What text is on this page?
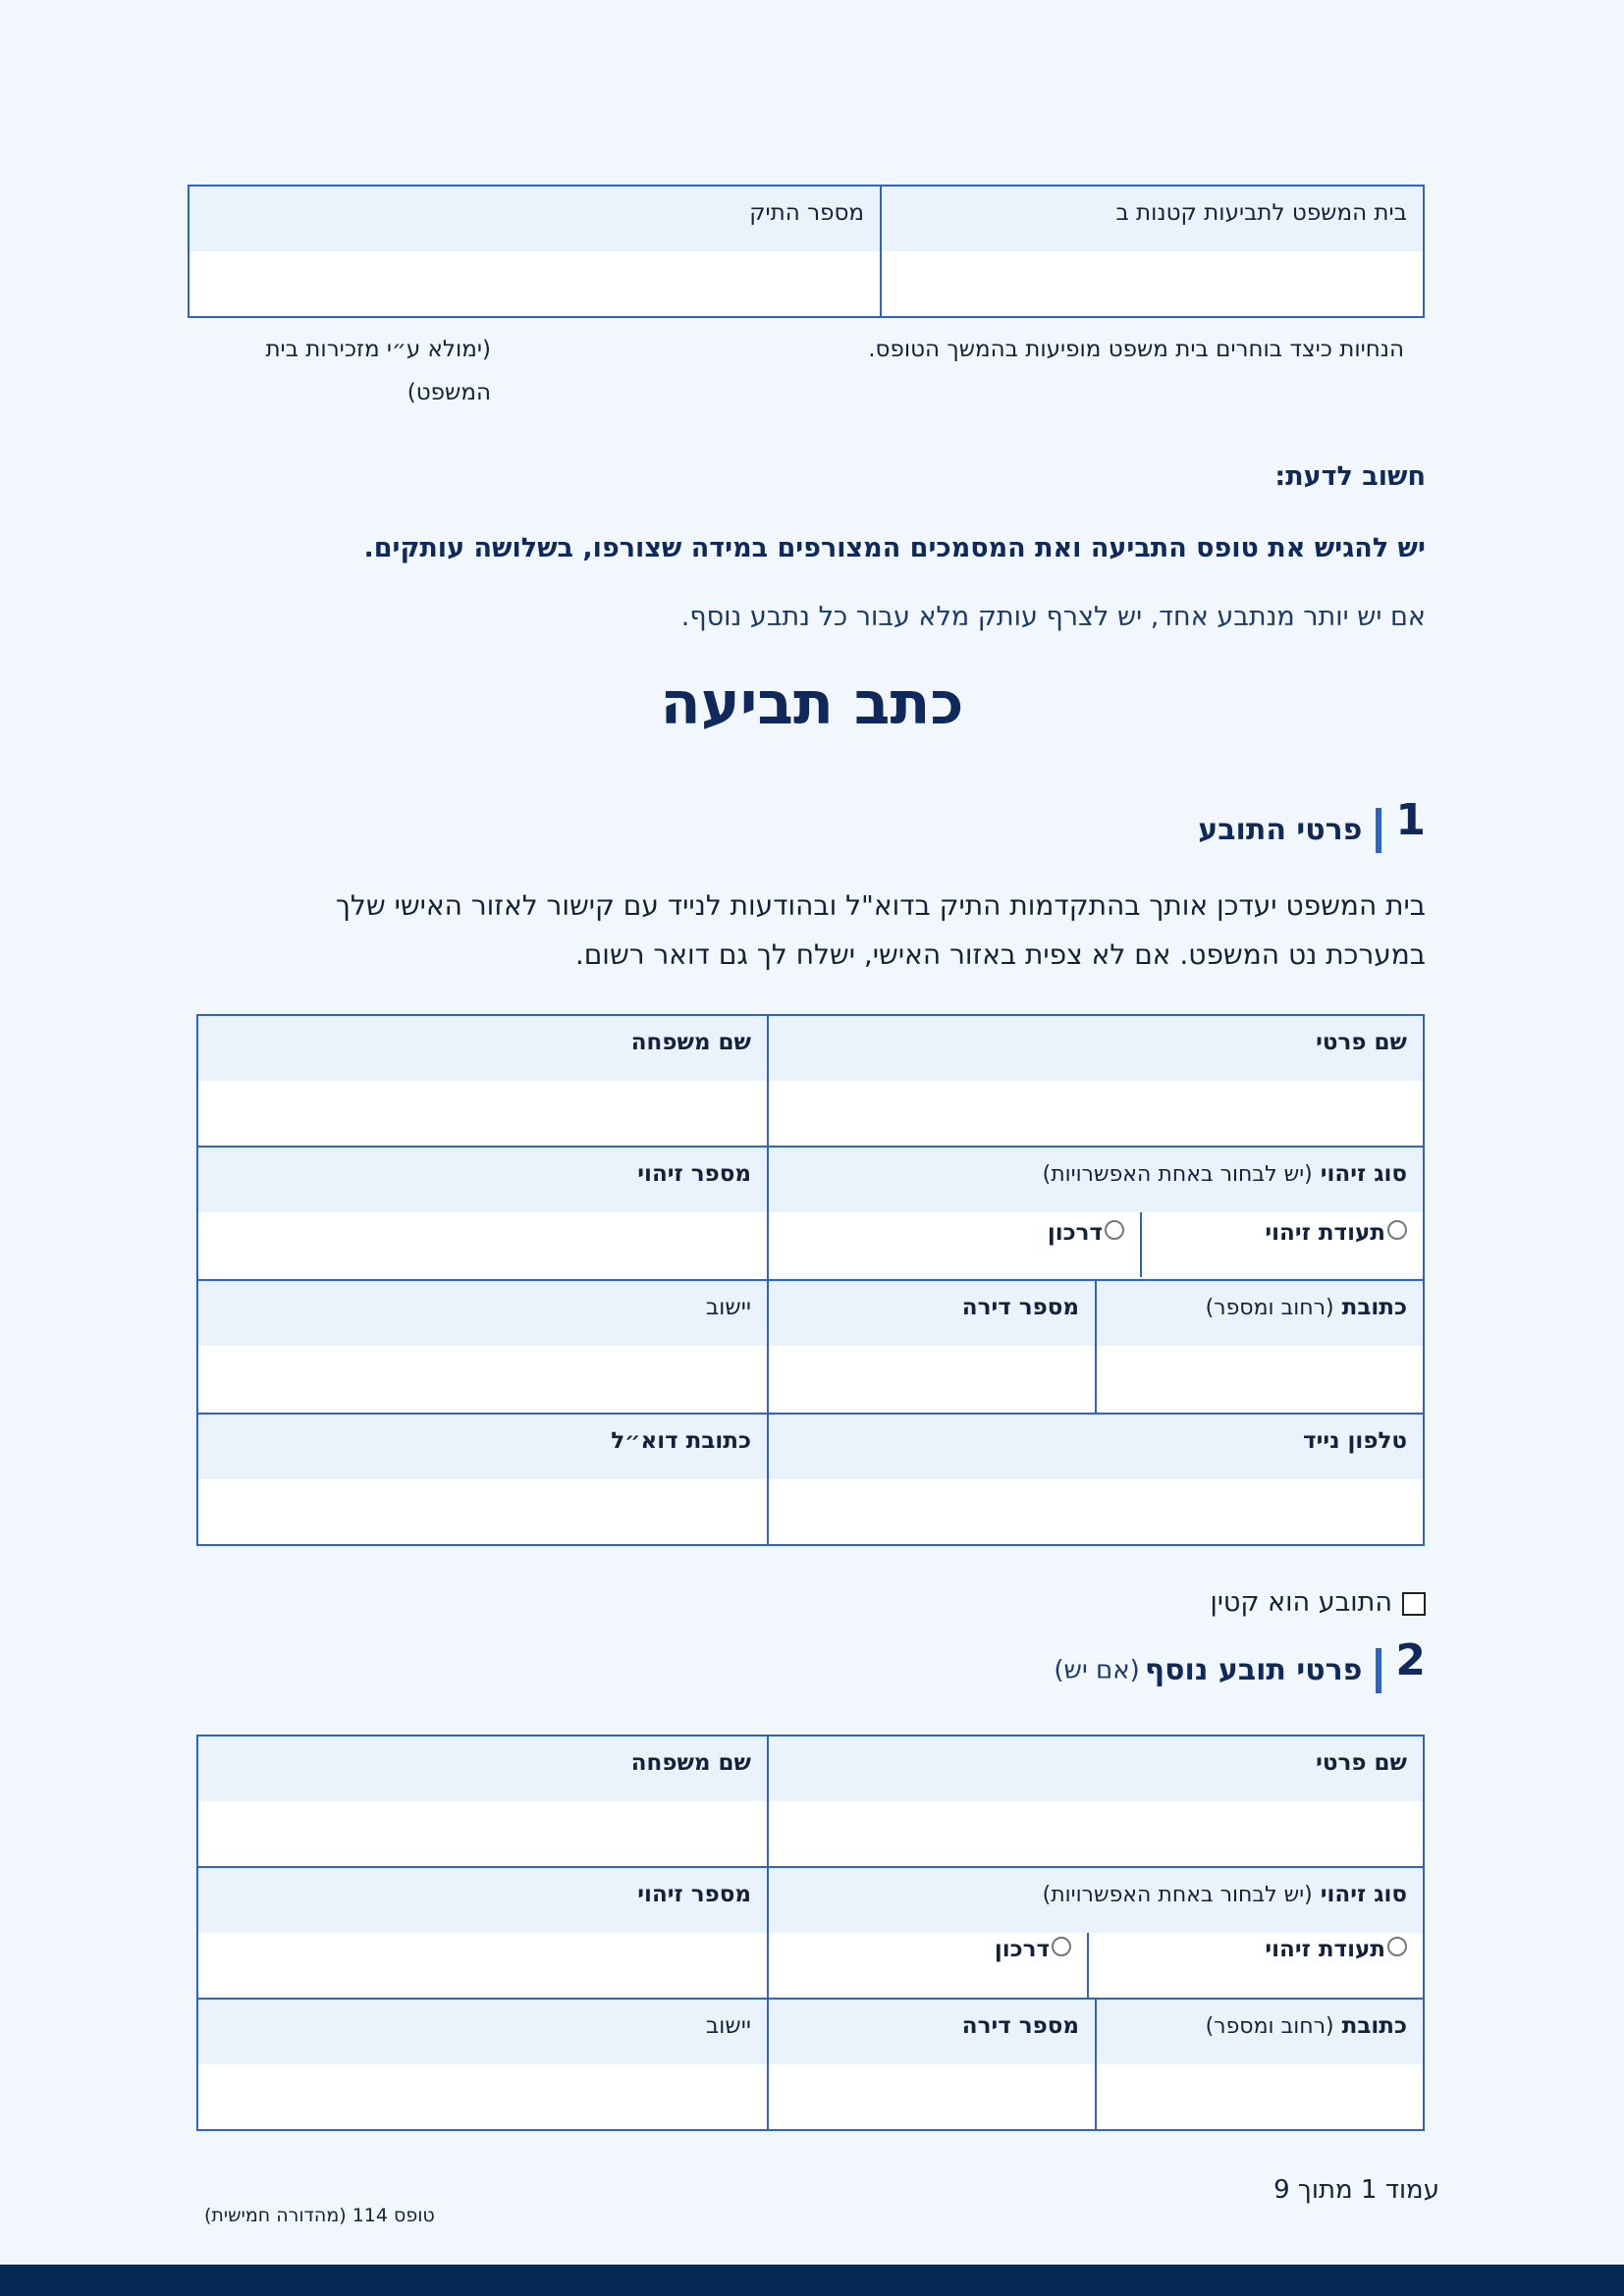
בית המשפט לתביעות קטנות ב

מספר התיק
הנחיות כיצד בוחרים בית משפט מופיעות בהמשך הטופס.
(ימולא ע״י מזכירות בית המשפט)
חשוב לדעת:
יש להגיש את טופס התביעה ואת המסמכים המצורפים במידה שצורפו, בשלושה עותקים.
אם יש יותר מנתבע אחד, יש לצרף עותק מלא עבור כל נתבע נוסף.
כתב תביעה
1פרטי התובע
בית המשפט יעדכן אותך בהתקדמות התיק בדוא"ל ובהודעות לנייד עם קישור לאזור האישי שלך
במערכת נט המשפט. אם לא צפית באזור האישי, ישלח לך גם דואר רשום.
שם פרטי		שם משפחה

סוג זיהוי (יש לבחור באחת האפשרויות)
תעודת זיהוי
דרכון		מספר זיהוי

כתובת (רחוב ומספר)	מספר דירה	יישוב

טלפון נייד		כתובת דוא״ל
התובע הוא קטין
2פרטי תובע נוסף (אם יש)
שם פרטי		שם משפחה

סוג זיהוי (יש לבחור באחת האפשרויות)
תעודת זיהוי
דרכון		מספר זיהוי

כתובת (רחוב ומספר)	מספר דירה	יישוב
עמוד 1 מתוך 9
טופס 114 (מהדורה חמישית)
